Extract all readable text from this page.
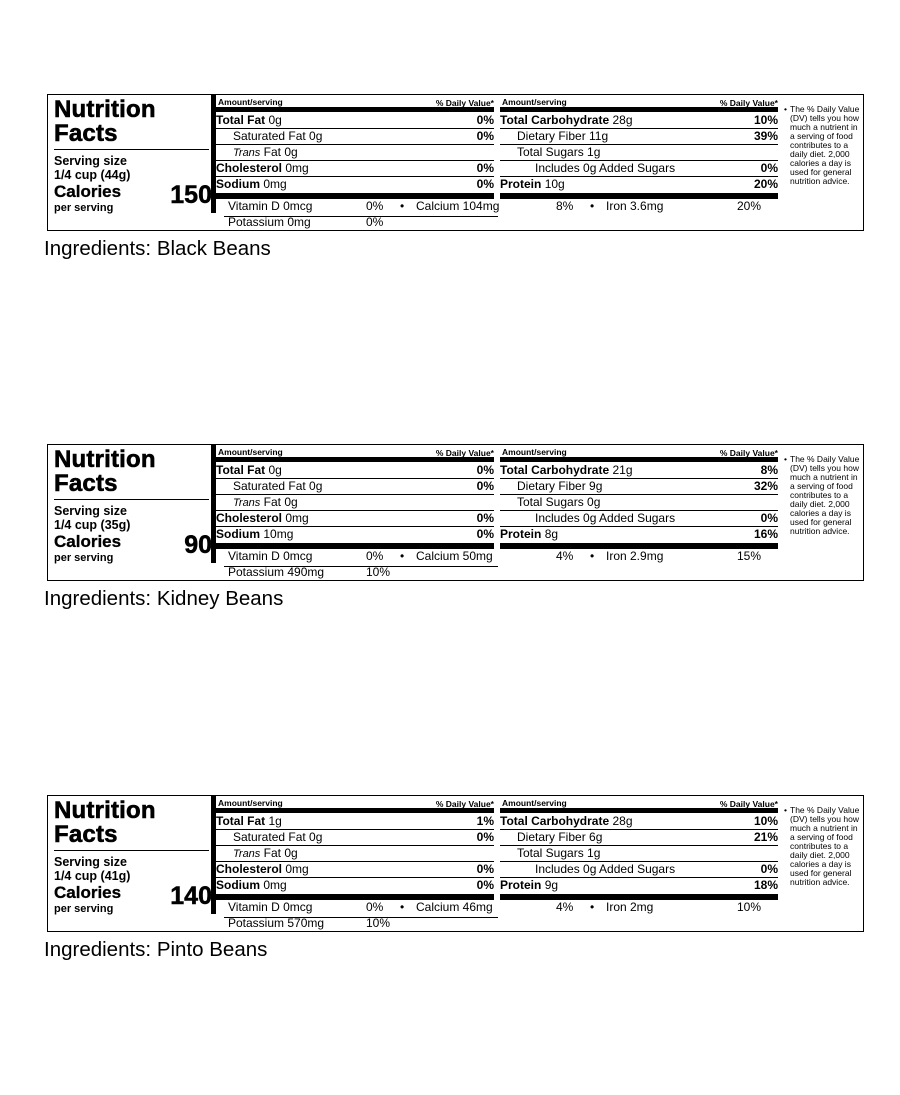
Nutrition
Facts
Serving size
1/4 cup (44g)
Calories
per serving	150
Amount/serving	% Daily Value*
Total Fat 0g	0%
Saturated Fat 0g	0%
Trans Fat 0g
Cholesterol 0mg	0%
Sodium 0mg	0%
Amount/serving	% Daily Value*
Total Carbohydrate 28g	10%
Dietary Fiber 11g	39%
Total Sugars 1g
Includes 0g Added Sugars	0%
Protein 10g	20%
Vitamin D 0mcg	0% • Calcium 104mg	8% • Iron 3.6mg	20%
Potassium 0mg	0%
• The % Daily Value (DV) tells you how much a nutrient in a serving of food contributes to a daily diet. 2,000 calories a day is used for general nutrition advice.
Ingredients: Black Beans
Nutrition
Facts
Serving size
1/4 cup (35g)
Calories
per serving	90
Amount/serving	% Daily Value*
Total Fat 0g	0%
Saturated Fat 0g	0%
Trans Fat 0g
Cholesterol 0mg	0%
Sodium 10mg	0%
Amount/serving	% Daily Value*
Total Carbohydrate 21g	8%
Dietary Fiber 9g	32%
Total Sugars 0g
Includes 0g Added Sugars	0%
Protein 8g	16%
Vitamin D 0mcg	0% • Calcium 50mg	4% • Iron 2.9mg	15%
Potassium 490mg	10%
• The % Daily Value (DV) tells you how much a nutrient in a serving of food contributes to a daily diet. 2,000 calories a day is used for general nutrition advice.
Ingredients: Kidney Beans
Nutrition
Facts
Serving size
1/4 cup (41g)
Calories
per serving	140
Amount/serving	% Daily Value*
Total Fat 1g	1%
Saturated Fat 0g	0%
Trans Fat 0g
Cholesterol 0mg	0%
Sodium 0mg	0%
Amount/serving	% Daily Value*
Total Carbohydrate 28g	10%
Dietary Fiber 6g	21%
Total Sugars 1g
Includes 0g Added Sugars	0%
Protein 9g	18%
Vitamin D 0mcg	0% • Calcium 46mg	4% • Iron 2mg	10%
Potassium 570mg	10%
• The % Daily Value (DV) tells you how much a nutrient in a serving of food contributes to a daily diet. 2,000 calories a day is used for general nutrition advice.
Ingredients: Pinto Beans
